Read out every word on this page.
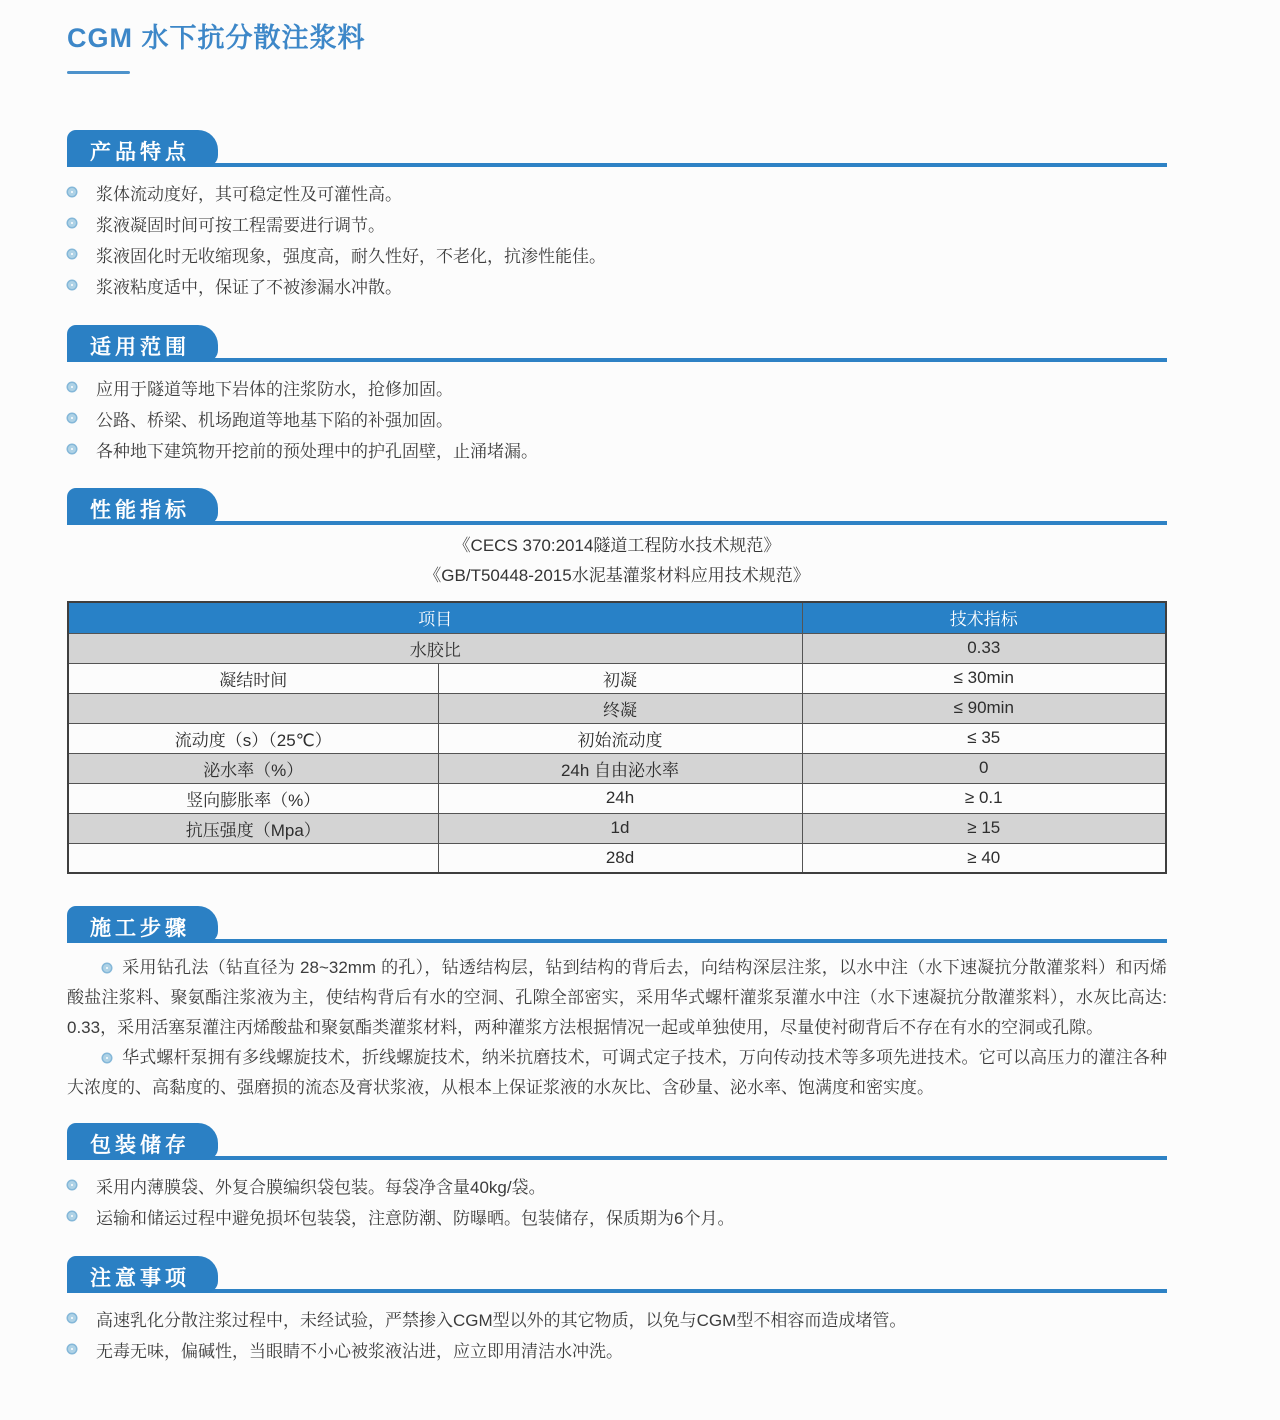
CGM 水下抗分散注浆料
产品特点
浆体流动度好，其可稳定性及可灌性高。
浆液凝固时间可按工程需要进行调节。
浆液固化时无收缩现象，强度高，耐久性好，不老化，抗渗性能佳。
浆液粘度适中，保证了不被渗漏水冲散。
适用范围
应用于隧道等地下岩体的注浆防水，抢修加固。
公路、桥梁、机场跑道等地基下陷的补强加固。
各种地下建筑物开挖前的预处理中的护孔固壁，止涌堵漏。
性能指标

《CECS 370:2014隧道工程防水技术规范》

《GB/T50448-2015水泥基灌浆材料应用技术规范》

项目		技术指标
水胶比		0.33
凝结时间	初凝	≤ 30min
	终凝	≤ 90min
流动度（s）（25℃）	初始流动度	≤ 35
泌水率（%）	24h 自由泌水率	0
竖向膨胀率（%）	24h	≥ 0.1
抗压强度（Mpa）	1d	≥ 15
	28d	≥ 40
施工步骤

采用钻孔法（钻直径为 28~32mm 的孔），钻透结构层，钻到结构的背后去，向结构深层注浆，以水中注（水下速凝抗分散灌浆料）和丙烯酸盐注浆料、聚氨酯注浆液为主，使结构背后有水的空洞、孔隙全部密实，采用华式螺杆灌浆泵灌水中注（水下速凝抗分散灌浆料），水灰比高达: 0.33，采用活塞泵灌注丙烯酸盐和聚氨酯类灌浆材料，两种灌浆方法根据情况一起或单独使用，尽量使衬砌背后不存在有水的空洞或孔隙。

华式螺杆泵拥有多线螺旋技术，折线螺旋技术，纳米抗磨技术，可调式定子技术，万向传动技术等多项先进技术。它可以高压力的灌注各种大浓度的、高黏度的、强磨损的流态及膏状浆液，从根本上保证浆液的水灰比、含砂量、泌水率、饱满度和密实度。

包装储存
采用内薄膜袋、外复合膜编织袋包装。每袋净含量40kg/袋。
运输和储运过程中避免损坏包装袋，注意防潮、防曝晒。包装储存，保质期为6个月。
注意事项
高速乳化分散注浆过程中，未经试验，严禁掺入CGM型以外的其它物质，以免与CGM型不相容而造成堵管。
无毒无味，偏碱性，当眼睛不小心被浆液沾进，应立即用清洁水冲洗。
